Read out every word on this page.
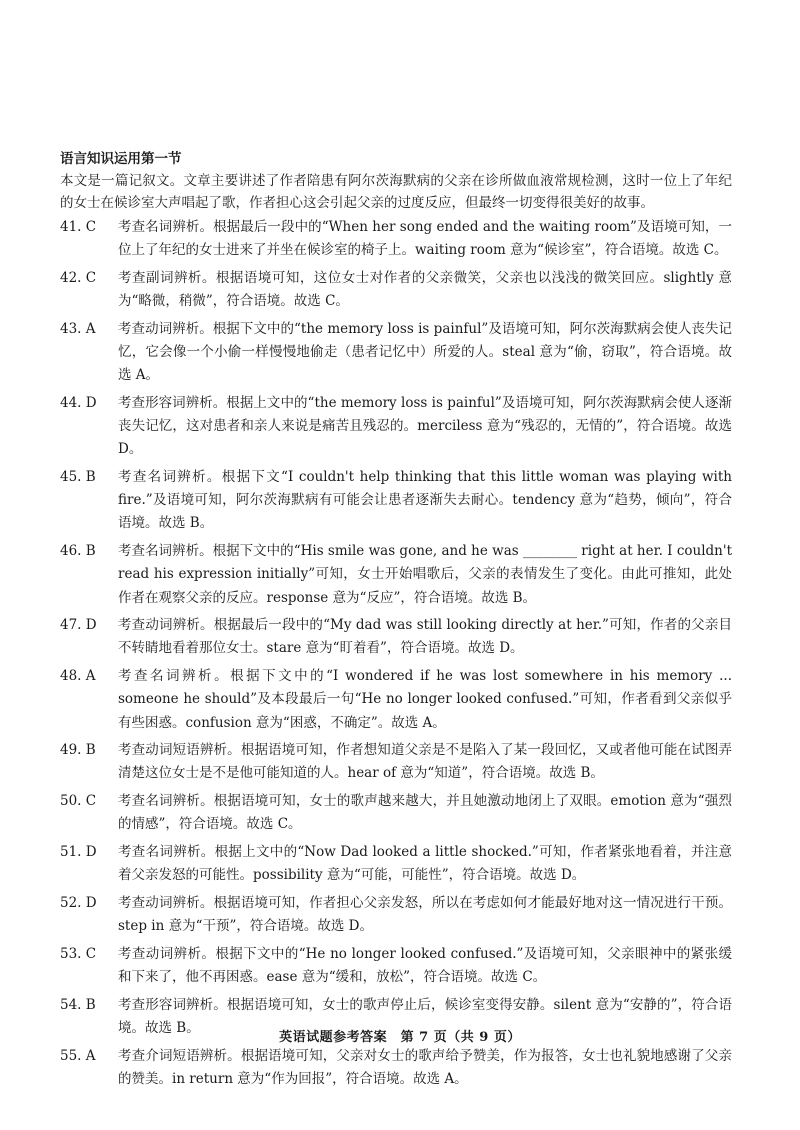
语言知识运用第一节
本文是一篇记叙文。文章主要讲述了作者陪患有阿尔茨海默病的父亲在诊所做血液常规检测，这时一位上了年纪的女士在候诊室大声唱起了歌，作者担心这会引起父亲的过度反应，但最终一切变得很美好的故事。
41. C	考查名词辨析。根据最后一段中的“When her song ended and the waiting room”及语境可知，一位上了年纪的女士进来了并坐在候诊室的椅子上。waiting room 意为“候诊室”，符合语境。故选 C。
42. C	考查副词辨析。根据语境可知，这位女士对作者的父亲微笑，父亲也以浅浅的微笑回应。slightly 意为“略微，稍微”，符合语境。故选 C。
43. A	考查动词辨析。根据下文中的“the memory loss is painful”及语境可知，阿尔茨海默病会使人丧失记忆，它会像一个小偷一样慢慢地偷走（患者记忆中）所爱的人。steal 意为“偷，窃取”，符合语境。故选 A。
44. D	考查形容词辨析。根据上文中的“the memory loss is painful”及语境可知，阿尔茨海默病会使人逐渐丧失记忆，这对患者和亲人来说是痛苦且残忍的。merciless 意为“残忍的，无情的”，符合语境。故选 D。
45. B	考查名词辨析。根据下文“I couldn't help thinking that this little woman was playing with fire.”及语境可知，阿尔茨海默病有可能会让患者逐渐失去耐心。tendency 意为“趋势，倾向”，符合语境。故选 B。
46. B	考查名词辨析。根据下文中的“His smile was gone, and he was ________ right at her. I couldn't read his expression initially”可知，女士开始唱歌后，父亲的表情发生了变化。由此可推知，此处作者在观察父亲的反应。response 意为“反应”，符合语境。故选 B。
47. D	考查动词辨析。根据最后一段中的“My dad was still looking directly at her.”可知，作者的父亲目不转睛地看着那位女士。stare 意为“盯着看”，符合语境。故选 D。
48. A	考查名词辨析。根据下文中的“I wondered if he was lost somewhere in his memory ... someone he should”及本段最后一句“He no longer looked confused.”可知，作者看到父亲似乎有些困惑。confusion 意为“困惑，不确定”。故选 A。
49. B	考查动词短语辨析。根据语境可知，作者想知道父亲是不是陷入了某一段回忆，又或者他可能在试图弄清楚这位女士是不是他可能知道的人。hear of 意为“知道”，符合语境。故选 B。
50. C	考查名词辨析。根据语境可知，女士的歌声越来越大，并且她激动地闭上了双眼。emotion 意为“强烈的情感”，符合语境。故选 C。
51. D	考查名词辨析。根据上文中的“Now Dad looked a little shocked.”可知，作者紧张地看着，并注意着父亲发怒的可能性。possibility 意为“可能，可能性”，符合语境。故选 D。
52. D	考查动词辨析。根据语境可知，作者担心父亲发怒，所以在考虑如何才能最好地对这一情况进行干预。step in 意为“干预”，符合语境。故选 D。
53. C	考查动词辨析。根据下文中的“He no longer looked confused.”及语境可知，父亲眼神中的紧张缓和下来了，他不再困惑。ease 意为“缓和，放松”，符合语境。故选 C。
54. B	考查形容词辨析。根据语境可知，女士的歌声停止后，候诊室变得安静。silent 意为“安静的”，符合语境。故选 B。
55. A	考查介词短语辨析。根据语境可知，父亲对女士的歌声给予赞美，作为报答，女士也礼貌地感谢了父亲的赞美。in return 意为“作为回报”，符合语境。故选 A。
英语试题参考答案　第 7 页（共 9 页）
